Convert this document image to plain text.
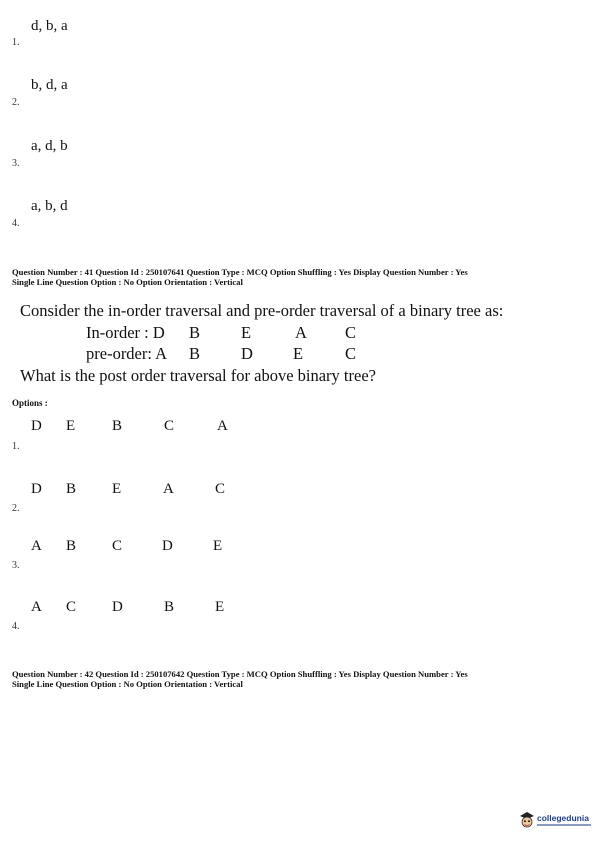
d, b, a
1.
b, d, a
2.
a, d, b
3.
a, b, d
4.
Question Number : 41 Question Id : 250107641 Question Type : MCQ Option Shuffling : Yes Display Question Number : Yes
Single Line Question Option : No Option Orientation : Vertical
Consider the in-order traversal and pre-order traversal of a binary tree as:
In-order : D B E	A C
pre-order: A B D E	C
What is the post order traversal for above binary tree?
Options :
D E B	C	A
1.
D B E	A	C
2.
A B C	D	E
3.
A C D	B	E
4.
Question Number : 42 Question Id : 250107642 Question Type : MCQ Option Shuffling : Yes Display Question Number : Yes
Single Line Question Option : No Option Orientation : Vertical
collegedunia
